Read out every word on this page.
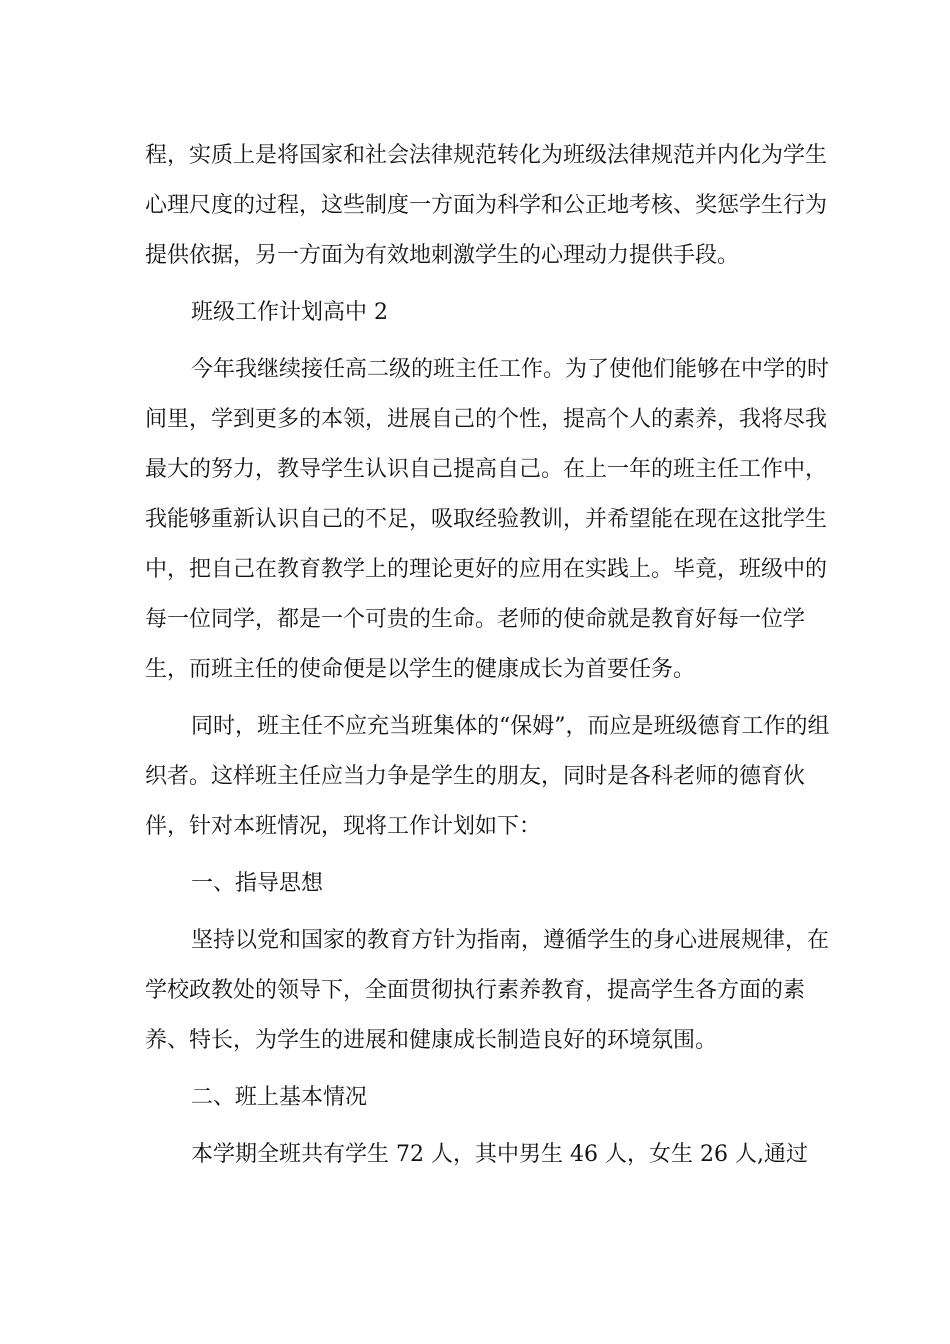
程，实质上是将国家和社会法律规范转化为班级法律规范并内化为学生心理尺度的过程，这些制度一方面为科学和公正地考核、奖惩学生行为提供依据，另一方面为有效地刺激学生的心理动力提供手段。

班级工作计划高中 2

今年我继续接任高二级的班主任工作。为了使他们能够在中学的时间里，学到更多的本领，进展自己的个性，提高个人的素养，我将尽我最大的努力，教导学生认识自己提高自己。在上一年的班主任工作中，我能够重新认识自己的不足，吸取经验教训，并希望能在现在这批学生中，把自己在教育教学上的理论更好的应用在实践上。毕竟，班级中的每一位同学，都是一个可贵的生命。老师的使命就是教育好每一位学生，而班主任的使命便是以学生的健康成长为首要任务。

同时，班主任不应充当班集体的“保姆”，而应是班级德育工作的组织者。这样班主任应当力争是学生的朋友，同时是各科老师的德育伙伴，针对本班情况，现将工作计划如下：

一、指导思想

坚持以党和国家的教育方针为指南，遵循学生的身心进展规律，在学校政教处的领导下，全面贯彻执行素养教育，提高学生各方面的素养、特长，为学生的进展和健康成长制造良好的环境氛围。

二、班上基本情况

本学期全班共有学生 72 人，其中男生 46 人，女生 26 人,通过
